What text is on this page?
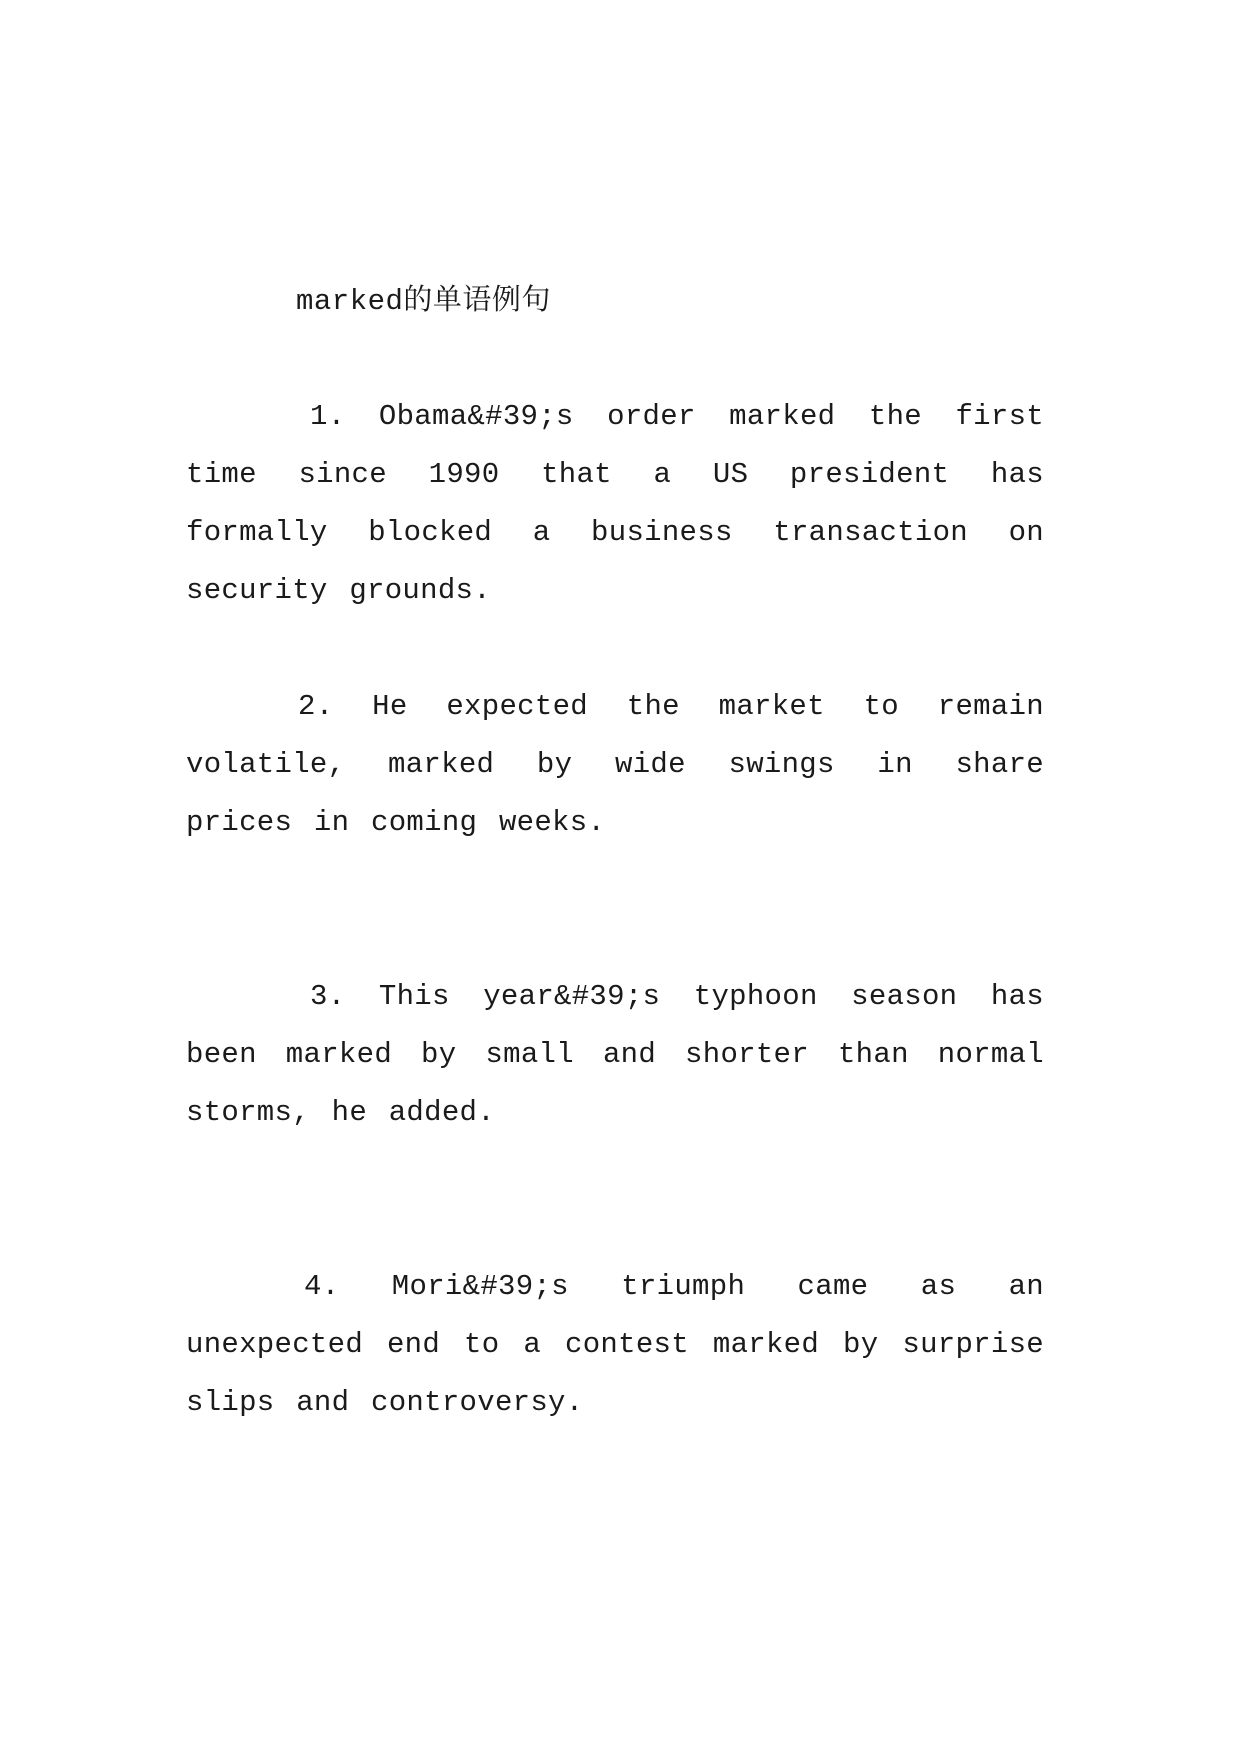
marked的单语例句

1. Obama&#39;s order marked the first time since 1990 that a US president has formally blocked a business transaction on security grounds.

2. He expected the market to remain volatile, marked by wide swings in share prices in coming weeks.

3. This year&#39;s typhoon season has been marked by small and shorter than normal storms, he added.

4. Mori&#39;s triumph came as an unexpected end to a contest marked by surprise slips and controversy.
